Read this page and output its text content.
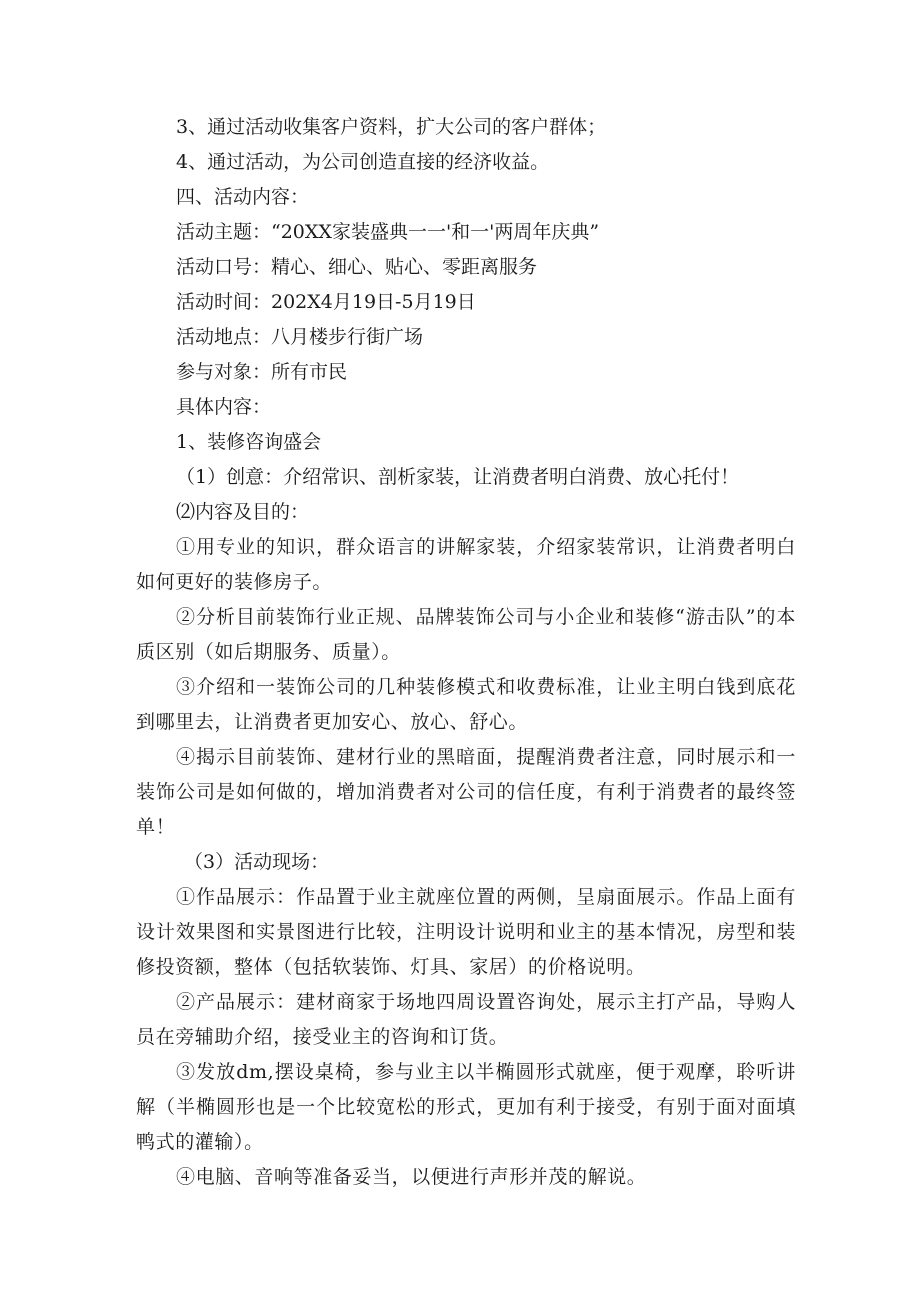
3、通过活动收集客户资料，扩大公司的客户群体；

4、通过活动，为公司创造直接的经济收益。

四、活动内容：

活动主题：“20XX家装盛典一一'和一'两周年庆典”

活动口号：精心、细心、贴心、零距离服务

活动时间：202X4月19日-5月19日

活动地点：八月楼步行街广场

参与对象：所有市民

具体内容：

1、装修咨询盛会

（1）创意：介绍常识、剖析家装，让消费者明白消费、放心托付！

⑵内容及目的：

①用专业的知识，群众语言的讲解家装，介绍家装常识，让消费者明白如何更好的装修房子。

②分析目前装饰行业正规、品牌装饰公司与小企业和装修“游击队”的本质区别（如后期服务、质量）。

③介绍和一装饰公司的几种装修模式和收费标准，让业主明白钱到底花到哪里去，让消费者更加安心、放心、舒心。

④揭示目前装饰、建材行业的黑暗面，提醒消费者注意，同时展示和一装饰公司是如何做的，增加消费者对公司的信任度，有利于消费者的最终签单！

（3）活动现场：

①作品展示：作品置于业主就座位置的两侧，呈扇面展示。作品上面有设计效果图和实景图进行比较，注明设计说明和业主的基本情况，房型和装修投资额，整体（包括软装饰、灯具、家居）的价格说明。

②产品展示：建材商家于场地四周设置咨询处，展示主打产品，导购人员在旁辅助介绍，接受业主的咨询和订货。

③发放dm,摆设桌椅，参与业主以半椭圆形式就座，便于观摩，聆听讲解（半椭圆形也是一个比较宽松的形式，更加有利于接受，有别于面对面填鸭式的灌输）。

④电脑、音响等准备妥当，以便进行声形并茂的解说。
